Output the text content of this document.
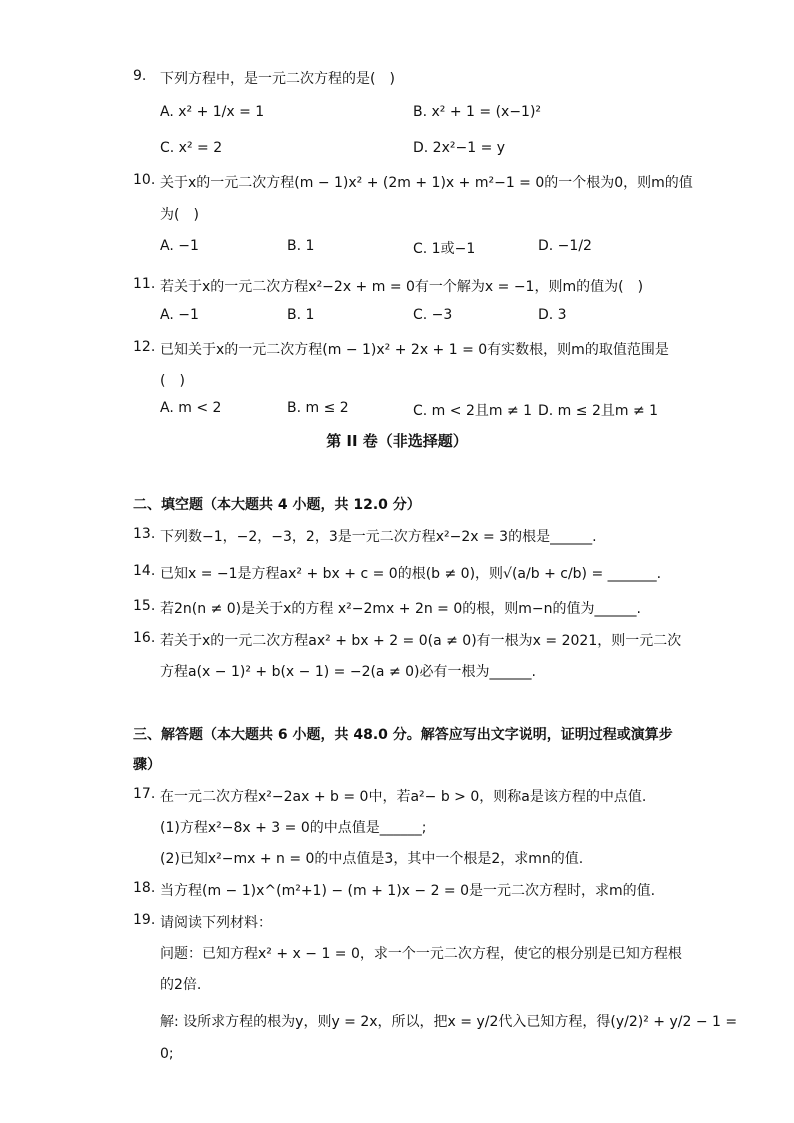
9. 下列方程中，是一元二次方程的是(　)
A. x² + 1/x = 1	B. x² + 1 = (x−1)²
C. x² = 2	D. 2x²−1 = y
10. 关于x的一元二次方程(m − 1)x² + (2m + 1)x + m²−1 = 0的一个根为0，则m的值
为(　)
A. −1	B. 1	C. 1或−1	D. −1/2
11. 若关于x的一元二次方程x²−2x + m = 0有一个解为x = −1，则m的值为(　)
A. −1	B. 1	C. −3	D. 3
12. 已知关于x的一元二次方程(m − 1)x² + 2x + 1 = 0有实数根，则m的取值范围是
(　)
A. m < 2	B. m ≤ 2	C. m < 2且m ≠ 1 D. m ≤ 2且m ≠ 1
第 II 卷（非选择题）
二、填空题（本大题共 4 小题，共 12.0 分）
13. 下列数−1，−2，−3，2，3是一元二次方程x²−2x = 3的根是______.
14. 已知x = −1是方程ax² + bx + c = 0的根(b ≠ 0)，则√(a/b + c/b) = _______.
15. 若2n(n ≠ 0)是关于x的方程 x²−2mx + 2n = 0的根，则m−n的值为______.
16. 若关于x的一元二次方程ax² + bx + 2 = 0(a ≠ 0)有一根为x = 2021，则一元二次
方程a(x − 1)² + b(x − 1) = −2(a ≠ 0)必有一根为______.
三、解答题（本大题共 6 小题，共 48.0 分。解答应写出文字说明，证明过程或演算步
骤）
17. 在一元二次方程x²−2ax + b = 0中，若a²− b > 0，则称a是该方程的中点值.
(1)方程x²−8x + 3 = 0的中点值是______;
(2)已知x²−mx + n = 0的中点值是3，其中一个根是2，求mn的值.
18. 当方程(m − 1)x^(m²+1) − (m + 1)x − 2 = 0是一元二次方程时，求m的值.
19. 请阅读下列材料：
问题：已知方程x² + x − 1 = 0，求一个一元二次方程，使它的根分别是已知方程根
的2倍.
解: 设所求方程的根为y，则y = 2x，所以，把x = y/2代入已知方程，得(y/2)² + y/2 − 1 =
0;
